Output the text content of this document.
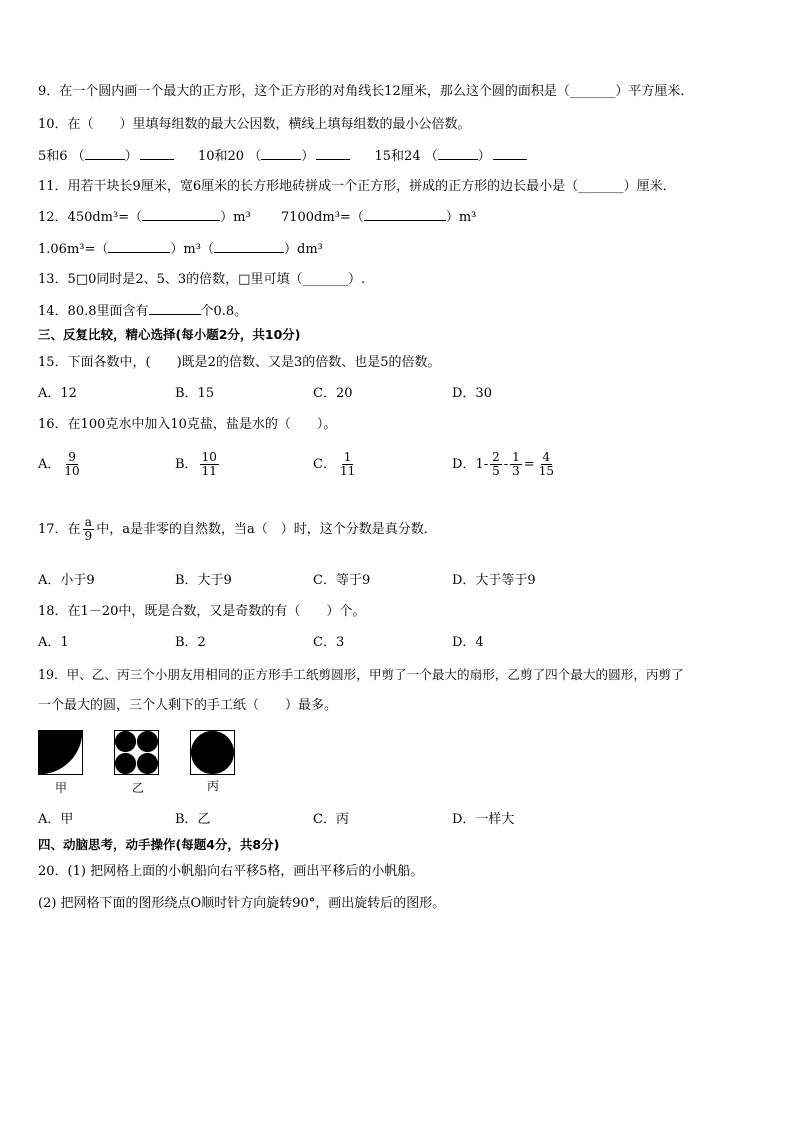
9．在一个圆内画一个最大的正方形，这个正方形的对角线长12厘米，那么这个圆的面积是（_______）平方厘米．
10．在（　　）里填每组数的最大公因数，横线上填每组数的最小公倍数。
5和6 （	）	10和20 （	）	15和24 （	）
11．用若干块长9厘米，宽6厘米的长方形地砖拼成一个正方形，拼成的正方形的边长最小是（_______）厘米．
12．450dm³=（	）m³ 7100dm³=（	）m³
1.06m³=（	）m³（	）dm³
13．5□0同时是2、5、3的倍数，□里可填（_______）.
14．80.8里面含有	个0.8。
三、反复比较，精心选择(每小题2分，共10分)
15．下面各数中，(　　)既是2的倍数、又是3的倍数、也是5的倍数。
A．12	B．15	C．20	D．30
16．在100克水中加入10克盐，盐是水的（　　）。
A． $\frac{9}{10}$	B． $\frac{10}{11}$	C． $\frac{1}{11}$	D．$1- \frac{2}{5} - \frac{1}{3} = \frac{4}{15}$
17．在 $\frac{a}{9}$ 中，a是非零的自然数，当a（　）时，这个分数是真分数．
A．小于9	B．大于9	C．等于9	D．大于等于9
18．在1－20中，既是合数，又是奇数的有（　　）个。
A．1	B．2	C．3	D．4
19．甲、乙、丙三个小朋友用相同的正方形手工纸剪圆形，甲剪了一个最大的扇形，乙剪了四个最大的圆形，丙剪了
一个最大的圆，三个人剩下的手工纸（　　）最多。
甲	乙	丙
A．甲	B．乙	C．丙	D．一样大
四、动脑思考，动手操作(每题4分，共8分)
20．(1) 把网格上面的小帆船向右平移5格，画出平移后的小帆船。
(2) 把网格下面的图形绕点O顺时针方向旋转90°，画出旋转后的图形。
